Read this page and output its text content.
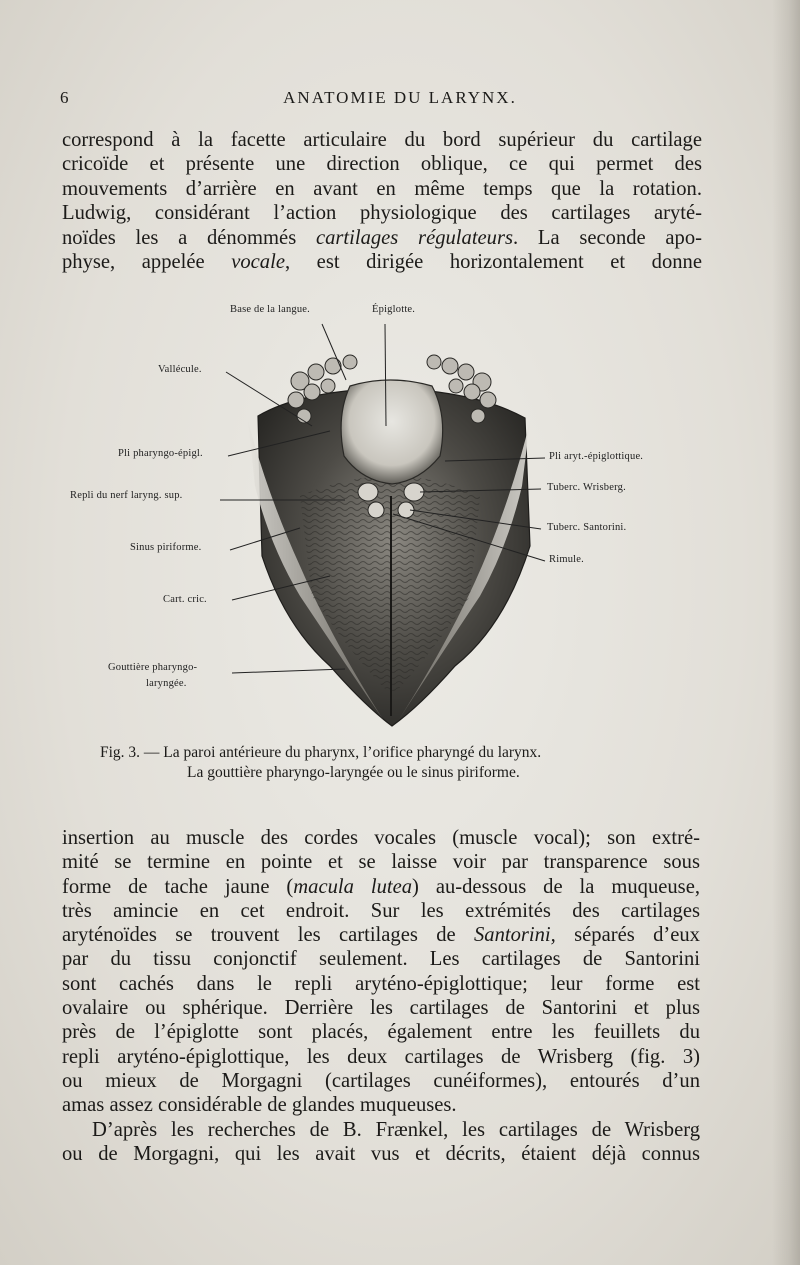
6	ANATOMIE DU LARYNX.
correspond à la facette articulaire du bord supérieur du cartilage
cricoïde et présente une direction oblique, ce qui permet des
mouvements d’arrière en avant en même temps que la rotation.
Ludwig, considérant l’action physiologique des cartilages aryté-
noïdes les a dénommés cartilages régulateurs. La seconde apo-
physe, appelée vocale, est dirigée horizontalement et donne
Base de la langue.	Épiglotte.
Vallécule.
Pli pharyngo-épigl.
Repli du nerf laryng. sup.
Sinus piriforme.
Cart. cric.
Gouttière pharyngo-
laryngée.
Pli aryt.-épiglottique.
Tuberc. Wrisberg.
Tuberc. Santorini.
Rimule.
Fig. 3. — La paroi antérieure du pharynx, l’orifice pharyngé du larynx.
La gouttière pharyngo-laryngée ou le sinus piriforme.
insertion au muscle des cordes vocales (muscle vocal); son extré-
mité se termine en pointe et se laisse voir par transparence sous
forme de tache jaune (macula lutea) au-dessous de la muqueuse,
très amincie en cet endroit. Sur les extrémités des cartilages
aryténoïdes se trouvent les cartilages de Santorini, séparés d’eux
par du tissu conjonctif seulement. Les cartilages de Santorini
sont cachés dans le repli aryténo-épiglottique; leur forme est
ovalaire ou sphérique. Derrière les cartilages de Santorini et plus
près de l’épiglotte sont placés, également entre les feuillets du
repli aryténo-épiglottique, les deux cartilages de Wrisberg (fig. 3)
ou mieux de Morgagni (cartilages cunéiformes), entourés d’un
amas assez considérable de glandes muqueuses.
D’après les recherches de B. Frænkel, les cartilages de Wrisberg
ou de Morgagni, qui les avait vus et décrits, étaient déjà connus
